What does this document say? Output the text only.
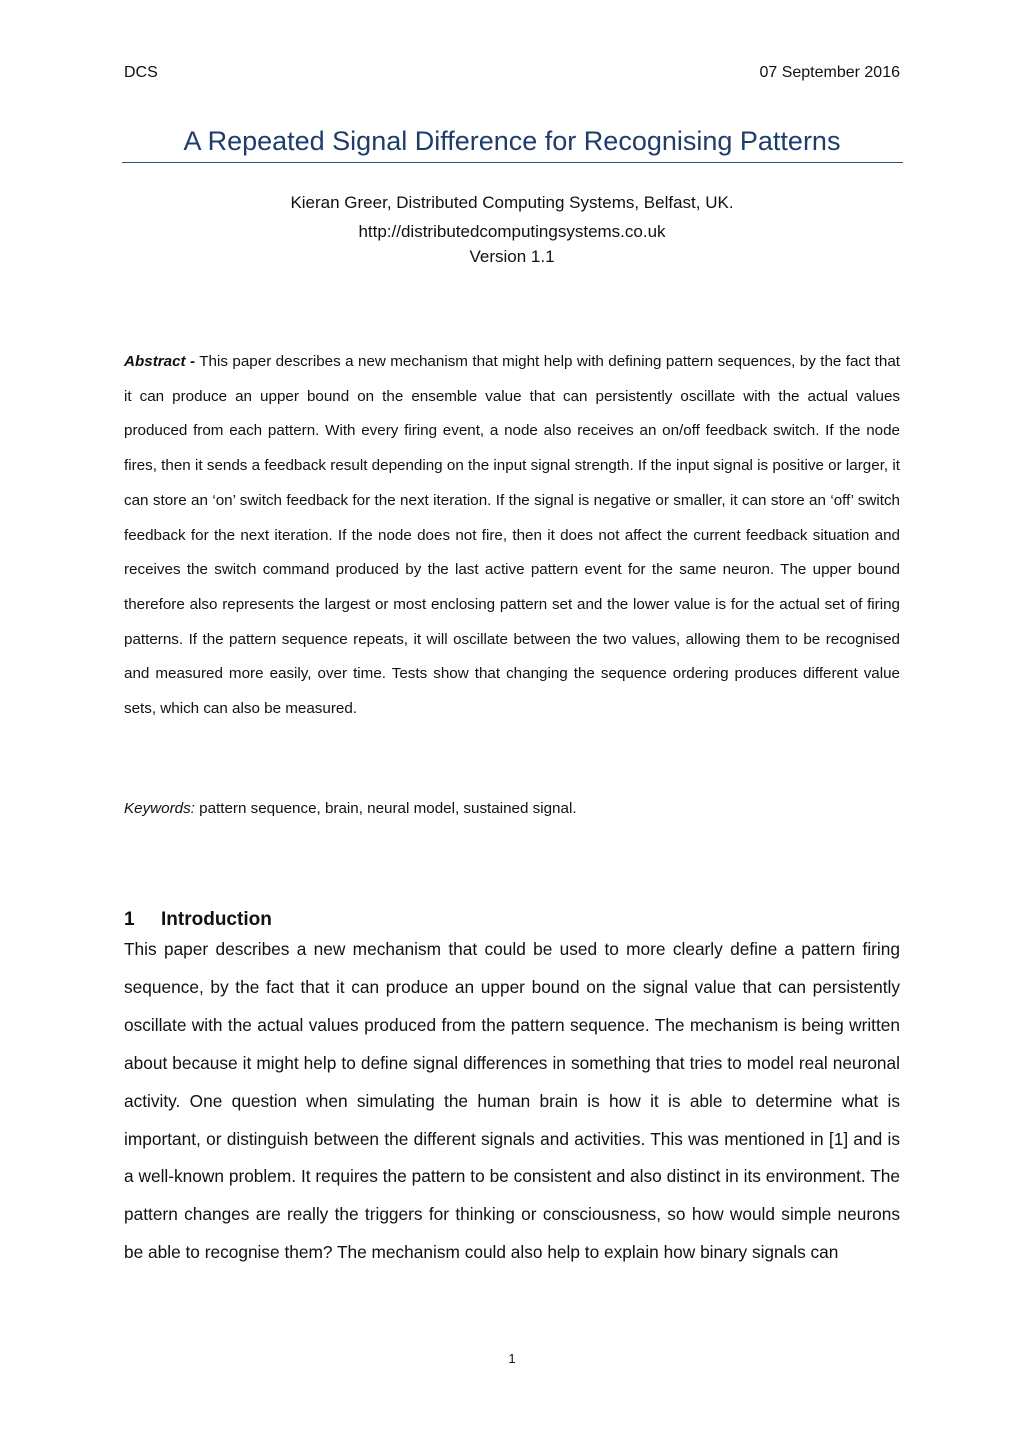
DCS	07 September 2016
A Repeated Signal Difference for Recognising Patterns
Kieran Greer, Distributed Computing Systems, Belfast, UK.
http://distributedcomputingsystems.co.uk
Version 1.1

Abstract - This paper describes a new mechanism that might help with defining pattern sequences, by the fact that it can produce an upper bound on the ensemble value that can persistently oscillate with the actual values produced from each pattern. With every firing event, a node also receives an on/off feedback switch. If the node fires, then it sends a feedback result depending on the input signal strength. If the input signal is positive or larger, it can store an ‘on’ switch feedback for the next iteration. If the signal is negative or smaller, it can store an ‘off’ switch feedback for the next iteration. If the node does not fire, then it does not affect the current feedback situation and receives the switch command produced by the last active pattern event for the same neuron. The upper bound therefore also represents the largest or most enclosing pattern set and the lower value is for the actual set of firing patterns. If the pattern sequence repeats, it will oscillate between the two values, allowing them to be recognised and measured more easily, over time. Tests show that changing the sequence ordering produces different value sets, which can also be measured.

Keywords: pattern sequence, brain, neural model, sustained signal.

1 Introduction

This paper describes a new mechanism that could be used to more clearly define a pattern firing sequence, by the fact that it can produce an upper bound on the signal value that can persistently oscillate with the actual values produced from the pattern sequence. The mechanism is being written about because it might help to define signal differences in something that tries to model real neuronal activity. One question when simulating the human brain is how it is able to determine what is important, or distinguish between the different signals and activities. This was mentioned in [1] and is a well-known problem. It requires the pattern to be consistent and also distinct in its environment. The pattern changes are really the triggers for thinking or consciousness, so how would simple neurons be able to recognise them? The mechanism could also help to explain how binary signals can

1
